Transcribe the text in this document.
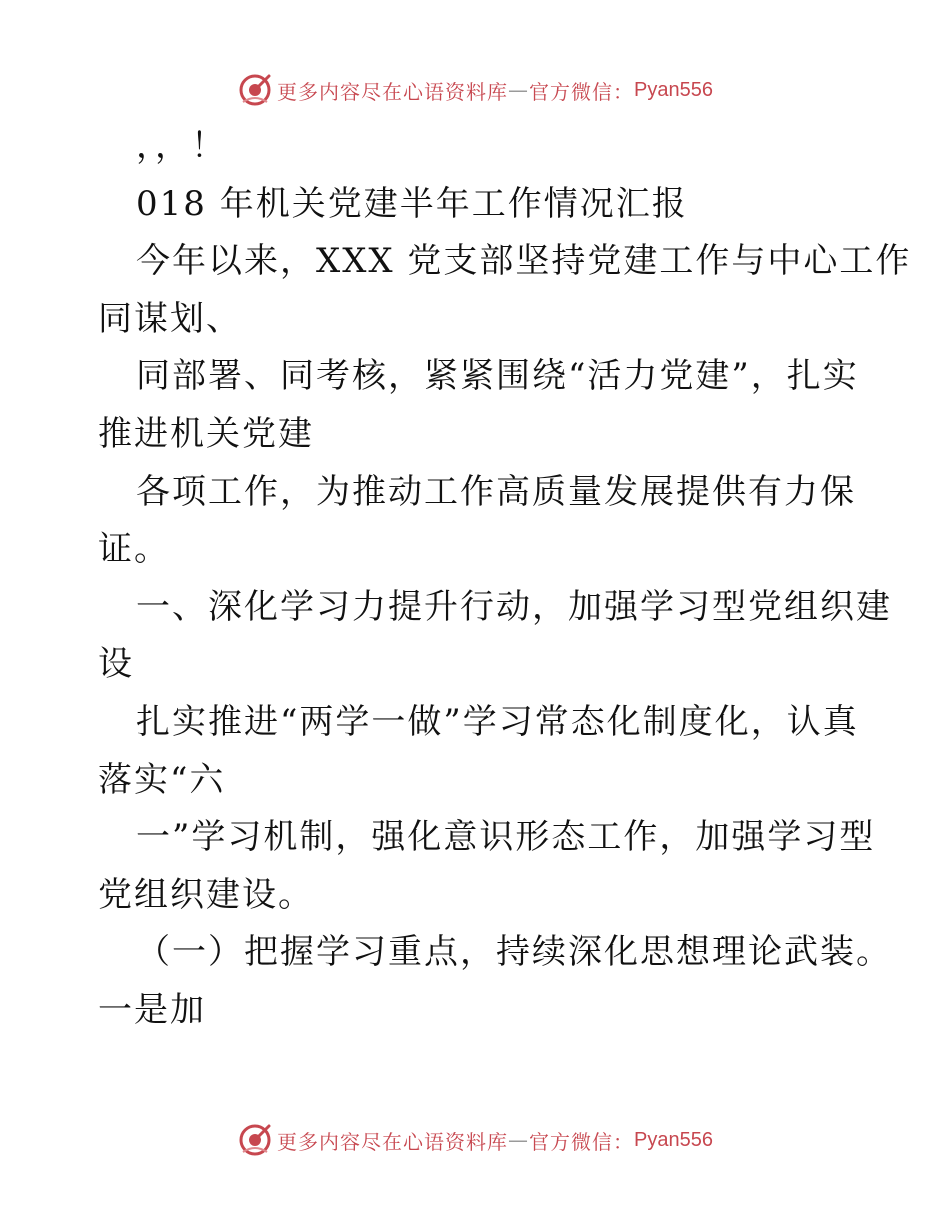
更多内容尽在心语资料库 — 官方微信： Pyan556
，，！
018 年机关党建半年工作情况汇报
今年以来，XXX 党支部坚持党建工作与中心工作
同谋划、
同部署、同考核，紧紧围绕“活力党建”，扎实
推进机关党建
各项工作，为推动工作高质量发展提供有力保
证。
一、深化学习力提升行动，加强学习型党组织建
设
扎实推进“两学一做”学习常态化制度化，认真
落实“六
一”学习机制，强化意识形态工作，加强学习型
党组织建设。
（一）把握学习重点，持续深化思想理论武装。
一是加
更多内容尽在心语资料库 — 官方微信： Pyan556
